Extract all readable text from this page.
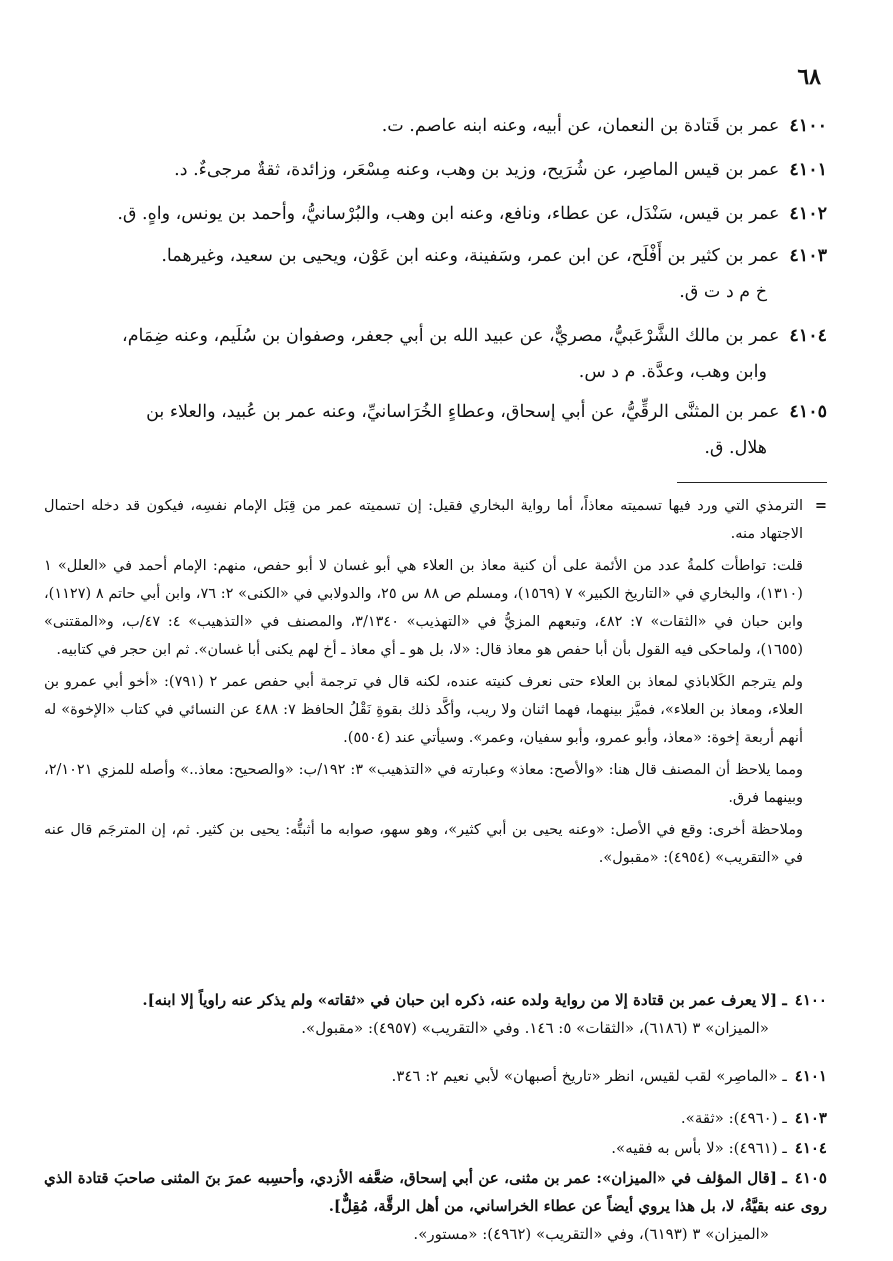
٦٨
٤١٠٠عمر بن قَتادة بن النعمان، عن أبيه، وعنه ابنه عاصم. ت.
٤١٠١عمر بن قيس الماصِر، عن شُرَيح، وزيد بن وهب، وعنه مِسْعَر، وزائدة، ثقةٌ مرجىءٌ. د.
٤١٠٢عمر بن قيس، سَنْدَل، عن عطاء، ونافع، وعنه ابن وهب، والبُرْسانيُّ، وأحمد بن يونس، واهٍ. ق.
٤١٠٣عمر بن كثير بن أَفْلَح، عن ابن عمر، وسَفينة، وعنه ابن عَوْن، ويحيى بن سعيد، وغيرهما.
خ م د ت ق.
٤١٠٤عمر بن مالك الشَّرْعَبيُّ، مصريٌّ، عن عبيد الله بن أبي جعفر، وصفوان بن سُلَيم، وعنه ضِمَام،
وابن وهب، وعدَّة. م د س.
٤١٠٥عمر بن المثنَّى الرقِّيُّ، عن أبي إسحاق، وعطاءٍ الخُرَاسانيِّ، وعنه عمر بن عُبيد، والعلاء بن
هلال. ق.
=
الترمذي التي ورد فيها تسميته معاذاً، أما رواية البخاري فقيل: إن تسميته عمر من قِبَل الإمام نفسِه، فيكون قد دخله احتمال الاجتهاد منه.
قلت: تواطأت كلمةُ عدد من الأئمة على أن كنية معاذ بن العلاء هي أبو غسان لا أبو حفص، منهم: الإمام أحمد في «العلل» ١ (١٣١٠)، والبخاري في «التاريخ الكبير» ٧ (١٥٦٩)، ومسلم ص ٨٨ س ٢٥، والدولابي في «الكنى» ٢: ٧٦، وابن أبي حاتم ٨ (١١٢٧)، وابن حبان في «الثقات» ٧: ٤٨٢، وتبعهم المزيُّ في «التهذيب» ٣/١٣٤٠، والمصنف في «التذهيب» ٤: ٤٧/ب، و«المقتنى» (١٦٥٥)، ولماحكى فيه القول بأن أبا حفص هو معاذ قال: «لا، بل هو ـ أي معاذ ـ أخ لهم يكنى أبا غسان». ثم ابن حجر في كتابيه.
ولم يترجم الكَلاباذي لمعاذ بن العلاء حتى نعرف كنيته عنده، لكنه قال في ترجمة أبي حفص عمر ٢ (٧٩١): «أخو أبي عمرو بن العلاء، ومعاذ بن العلاء»، فميَّز بينهما، فهما اثنان ولا ريب، وأكَّد ذلك بقوةِ نَقْلُ الحافظ ٧: ٤٨٨ عن النسائي في كتاب «الإخوة» له أنهم أربعة إخوة: «معاذ، وأبو عمرو، وأبو سفيان، وعمر». وسيأتي عند (٥٥٠٤).
ومما يلاحظ أن المصنف قال هنا: «والأصح: معاذ» وعبارته في «التذهيب» ٣: ١٩٢/ب: «والصحيح: معاذ..» وأصله للمزي ٢/١٠٢١، وبينهما فرق.
وملاحظة أخرى: وقع في الأصل: «وعنه يحيى بن أبي كثير»، وهو سهو، صوابه ما أثبتُّه: يحيى بن كثير. ثم، إن المترجَم قال عنه في «التقريب» (٤٩٥٤): «مقبول».
٤١٠٠ـ [لا يعرف عمر بن قتادة إلا من رواية ولده عنه، ذكره ابن حبان في «ثقاته» ولم يذكر عنه راوياً إلا ابنه].
«الميزان» ٣ (٦١٨٦)، «الثقات» ٥: ١٤٦. وفي «التقريب» (٤٩٥٧): «مقبول».
٤١٠١ـ «الماصِر» لقب لقيس، انظر «تاريخ أصبهان» لأبي نعيم ٢: ٣٤٦.
٤١٠٣ـ (٤٩٦٠): «ثقة».
٤١٠٤ـ (٤٩٦١): «لا بأس به فقيه».
٤١٠٥ـ [قال المؤلف في «الميزان»: عمر بن مثنى، عن أبي إسحاق، ضعَّفه الأزدي، وأحسِبه عمرَ بنَ المثنى صاحبَ قتادة الذي روى عنه بقيَّةُ، لا، بل هذا يروي أيضاً عن عطاء الخراساني، من أهل الرقَّة، مُقِلٌّ].
«الميزان» ٣ (٦١٩٣)، وفي «التقريب» (٤٩٦٢): «مستور».
